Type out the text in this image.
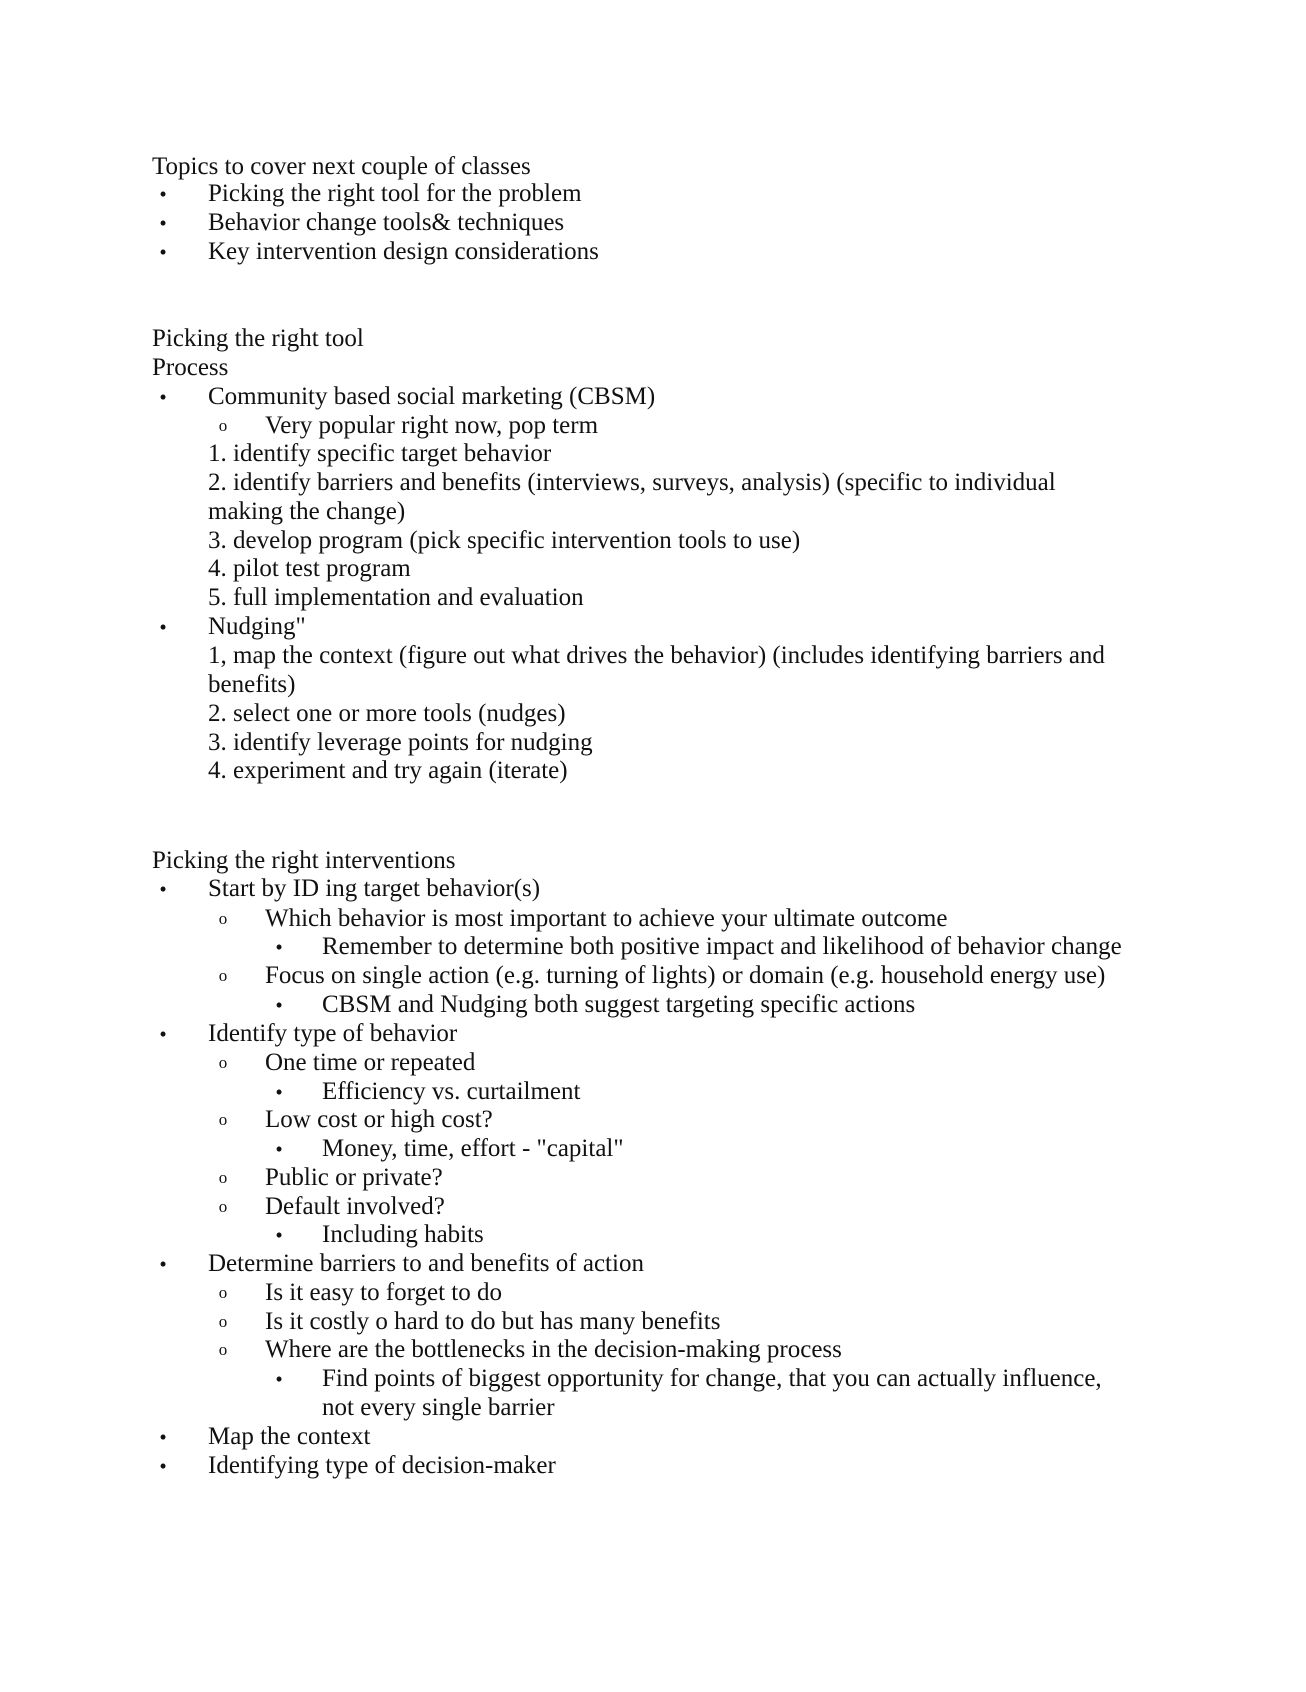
Topics to cover next couple of classes
• Picking the right tool for the problem
• Behavior change tools& techniques
• Key intervention design considerations
Picking the right tool
Process
• Community based social marketing (CBSM)
o Very popular right now, pop term
1. identify specific target behavior
2. identify barriers and benefits (interviews, surveys, analysis) (specific to individual
making the change)
3. develop program (pick specific intervention tools to use)
4. pilot test program
5. full implementation and evaluation
• Nudging"
1, map the context (figure out what drives the behavior) (includes identifying barriers and
benefits)
2. select one or more tools (nudges)
3. identify leverage points for nudging
4. experiment and try again (iterate)
Picking the right interventions
• Start by ID ing target behavior(s)
o Which behavior is most important to achieve your ultimate outcome
• Remember to determine both positive impact and likelihood of behavior change
o Focus on single action (e.g. turning of lights) or domain (e.g. household energy use)
• CBSM and Nudging both suggest targeting specific actions
• Identify type of behavior
o One time or repeated
• Efficiency vs. curtailment
o Low cost or high cost?
• Money, time, effort - "capital"
o Public or private?
o Default involved?
• Including habits
• Determine barriers to and benefits of action
o Is it easy to forget to do
o Is it costly o hard to do but has many benefits
o Where are the bottlenecks in the decision-making process
• Find points of biggest opportunity for change, that you can actually influence,
not every single barrier
• Map the context
• Identifying type of decision-maker
